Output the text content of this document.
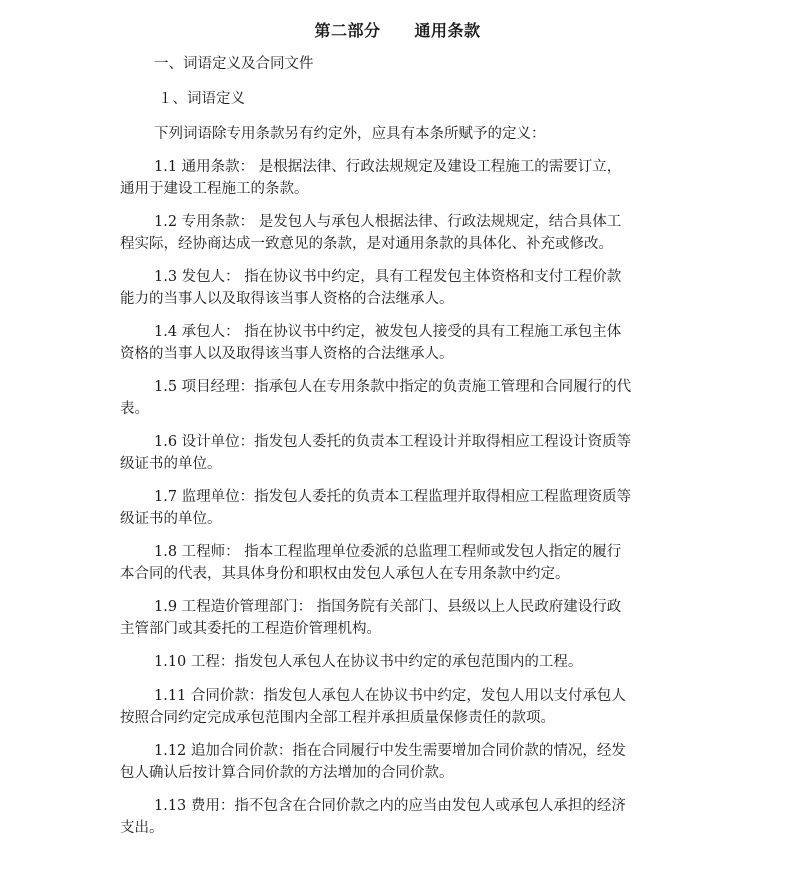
第二部分 通用条款
一、词语定义及合同文件
１、词语定义
下列词语除专用条款另有约定外，应具有本条所赋予的定义：
1.1 通用条款： 是根据法律、行政法规规定及建设工程施工的需要订立，
通用于建设工程施工的条款。
1.2 专用条款： 是发包人与承包人根据法律、行政法规规定，结合具体工
程实际，经协商达成一致意见的条款，是对通用条款的具体化、补充或修改。
1.3 发包人： 指在协议书中约定，具有工程发包主体资格和支付工程价款
能力的当事人以及取得该当事人资格的合法继承人。
1.4 承包人： 指在协议书中约定，被发包人接受的具有工程施工承包主体
资格的当事人以及取得该当事人资格的合法继承人。
1.5 项目经理：指承包人在专用条款中指定的负责施工管理和合同履行的代
表。
1.6 设计单位：指发包人委托的负责本工程设计并取得相应工程设计资质等
级证书的单位。
1.7 监理单位：指发包人委托的负责本工程监理并取得相应工程监理资质等
级证书的单位。
1.8 工程师： 指本工程监理单位委派的总监理工程师或发包人指定的履行
本合同的代表，其具体身份和职权由发包人承包人在专用条款中约定。
1.9 工程造价管理部门： 指国务院有关部门、县级以上人民政府建设行政
主管部门或其委托的工程造价管理机构。
1.10 工程：指发包人承包人在协议书中约定的承包范围内的工程。
1.11 合同价款：指发包人承包人在协议书中约定，发包人用以支付承包人
按照合同约定完成承包范围内全部工程并承担质量保修责任的款项。
1.12 追加合同价款：指在合同履行中发生需要增加合同价款的情况，经发
包人确认后按计算合同价款的方法增加的合同价款。
1.13 费用：指不包含在合同价款之内的应当由发包人或承包人承担的经济
支出。
